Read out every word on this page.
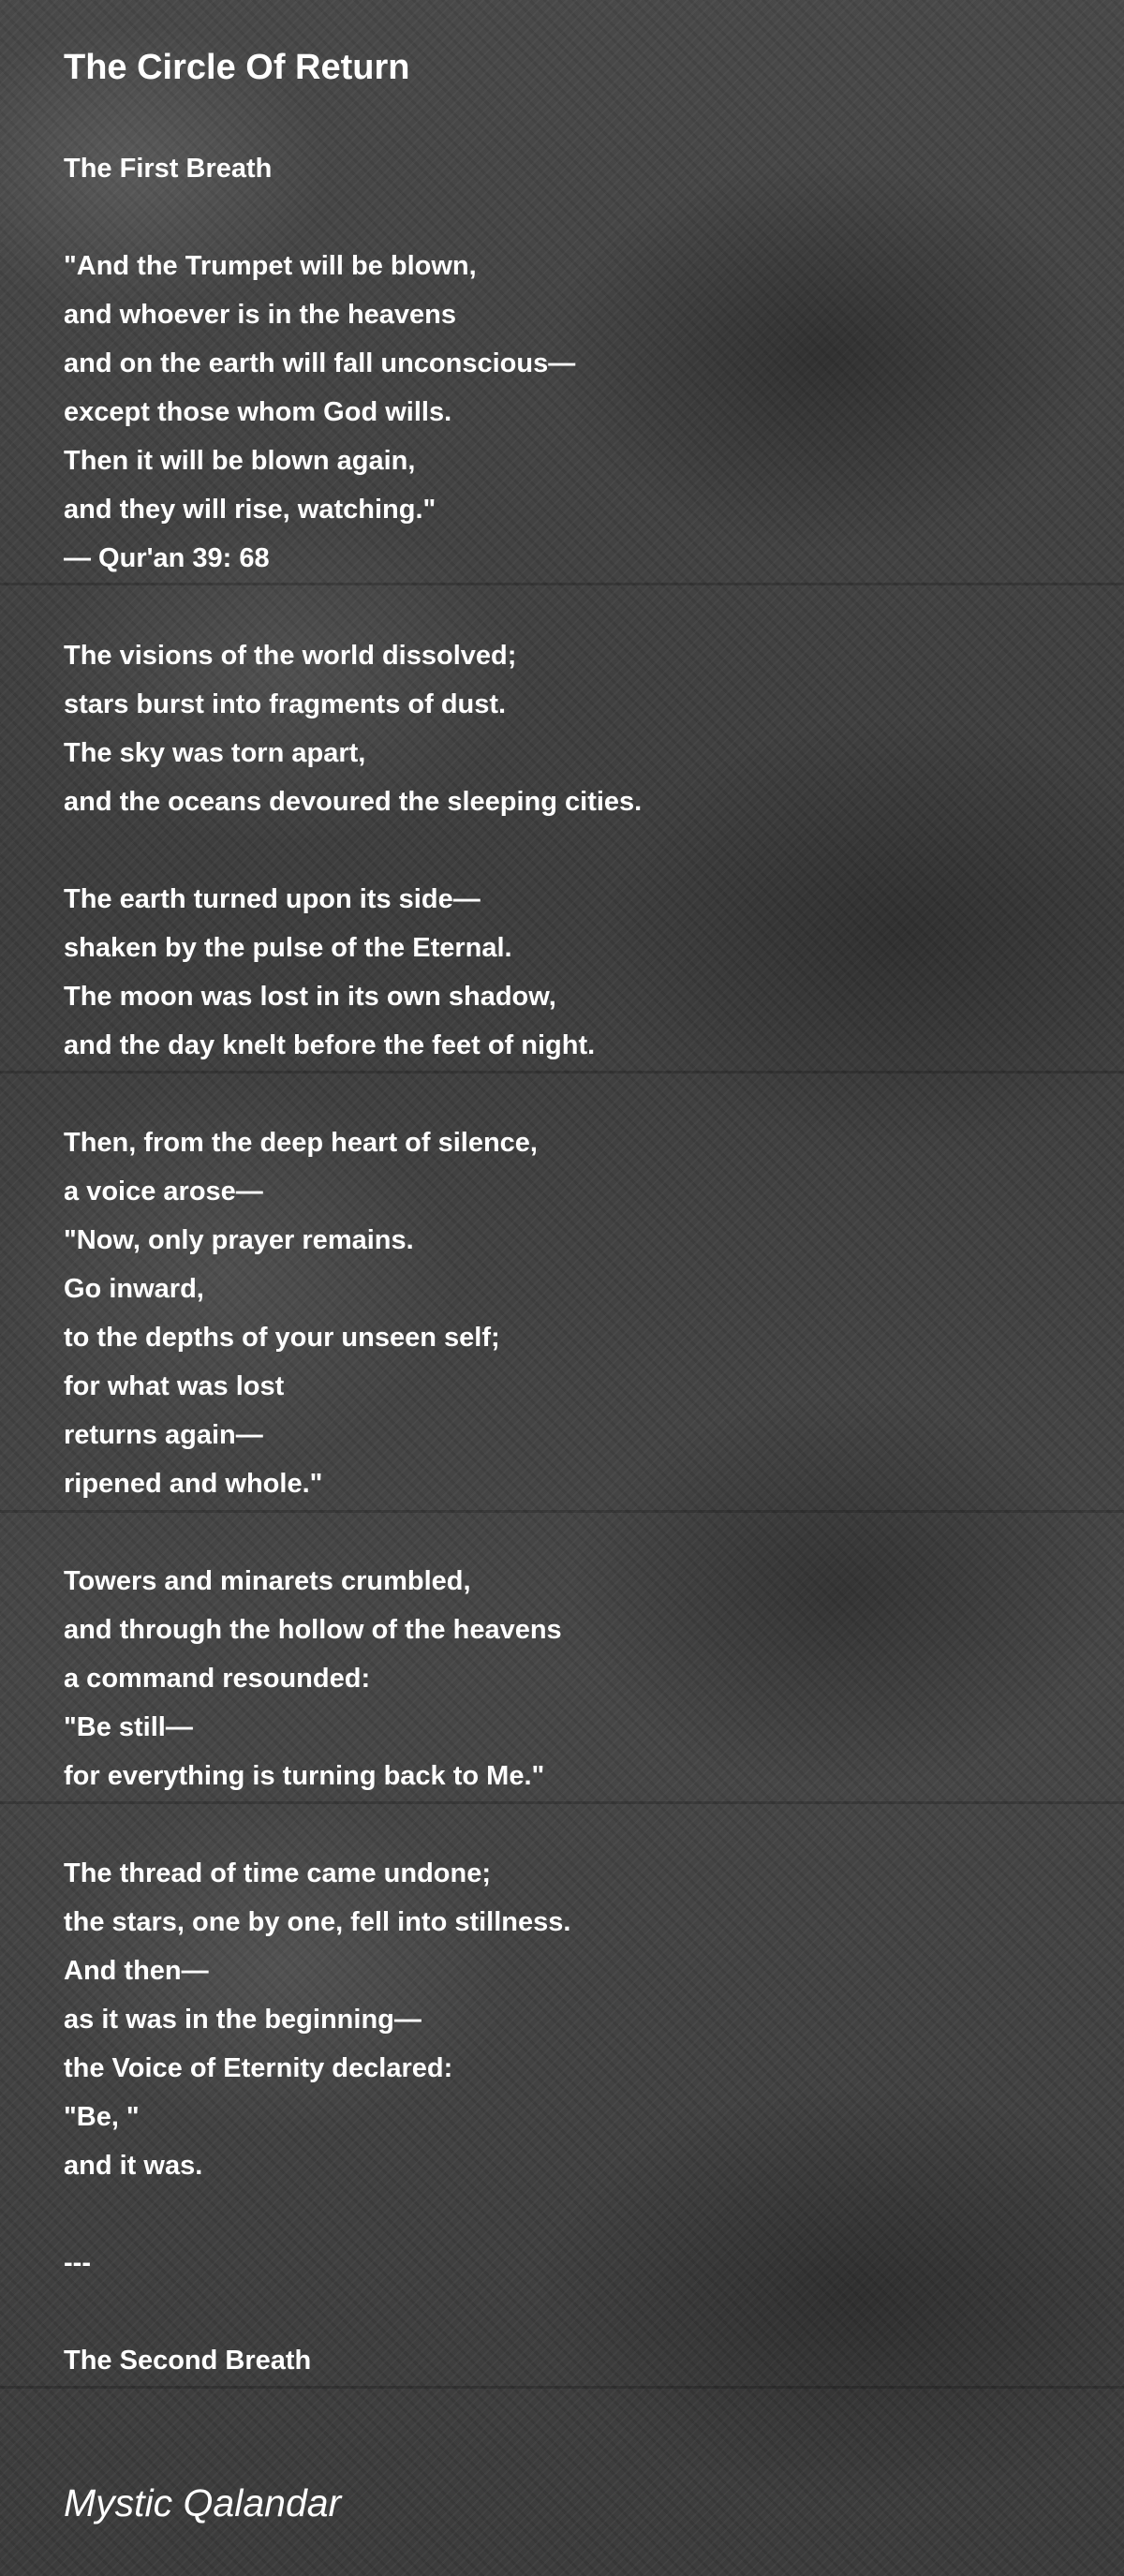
The Circle Of Return
The First Breath
"And the Trumpet will be blown,
and whoever is in the heavens
and on the earth will fall unconscious—
except those whom God wills.
Then it will be blown again,
and they will rise, watching."
— Qur'an 39: 68
The visions of the world dissolved;
stars burst into fragments of dust.
The sky was torn apart,
and the oceans devoured the sleeping cities.
The earth turned upon its side—
shaken by the pulse of the Eternal.
The moon was lost in its own shadow,
and the day knelt before the feet of night.
Then, from the deep heart of silence,
a voice arose—
"Now, only prayer remains.
Go inward,
to the depths of your unseen self;
for what was lost
returns again—
ripened and whole."
Towers and minarets crumbled,
and through the hollow of the heavens
a command resounded:
"Be still—
for everything is turning back to Me."
The thread of time came undone;
the stars, one by one, fell into stillness.
And then—
as it was in the beginning—
the Voice of Eternity declared:
"Be, "
and it was.
---
The Second Breath
Mystic Qalandar
